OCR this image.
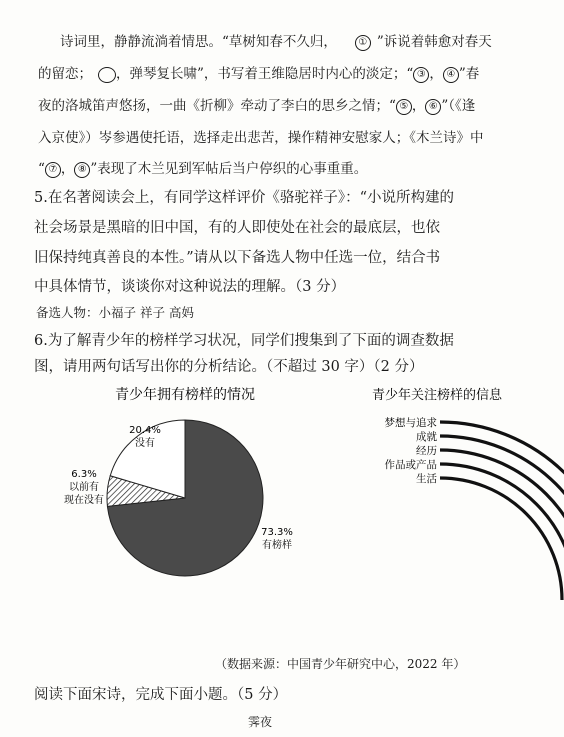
诗词里，静静流淌着情思。“草树知春不久归， ① ”诉说着韩愈对春天
的留恋； ，弹琴复长啸”，书写着王维隐居时内心的淡定；“ ③ ， ④ ”春
夜的洛城笛声悠扬，一曲《折柳》牵动了李白的思乡之情；“ ⑤ ， ⑥ ”（《逢
入京使》）岑参遇使托语，选择走出悲苦，操作精神安慰家人；《木兰诗》中
“ ⑦ ， ⑧ ”表现了木兰见到军帖后当户停织的心事重重。
5.在名著阅读会上，有同学这样评价《骆驼祥子》：“小说所构建的
社会场景是黑暗的旧中国，有的人即使处在社会的最底层，也依
旧保持纯真善良的本性。”请从以下备选人物中任选一位，结合书
中具体情节，谈谈你对这种说法的理解。（3 分）
备选人物：小福子 祥子 高妈
6.为了解青少年的榜样学习状况，同学们搜集到了下面的调查数据
图，请用两句话写出你的分析结论。（不超过 30 字）（2 分）
青少年拥有榜样的情况
20.4%
没有
6.3%
以前有
现在没有
73.3%
有榜样
青少年关注榜样的信息
梦想与追求
成就
经历
作品或产品
生活
（数据来源：中国青少年研究中心，2022 年）
阅读下面宋诗，完成下面小题。（5 分）
霁夜
